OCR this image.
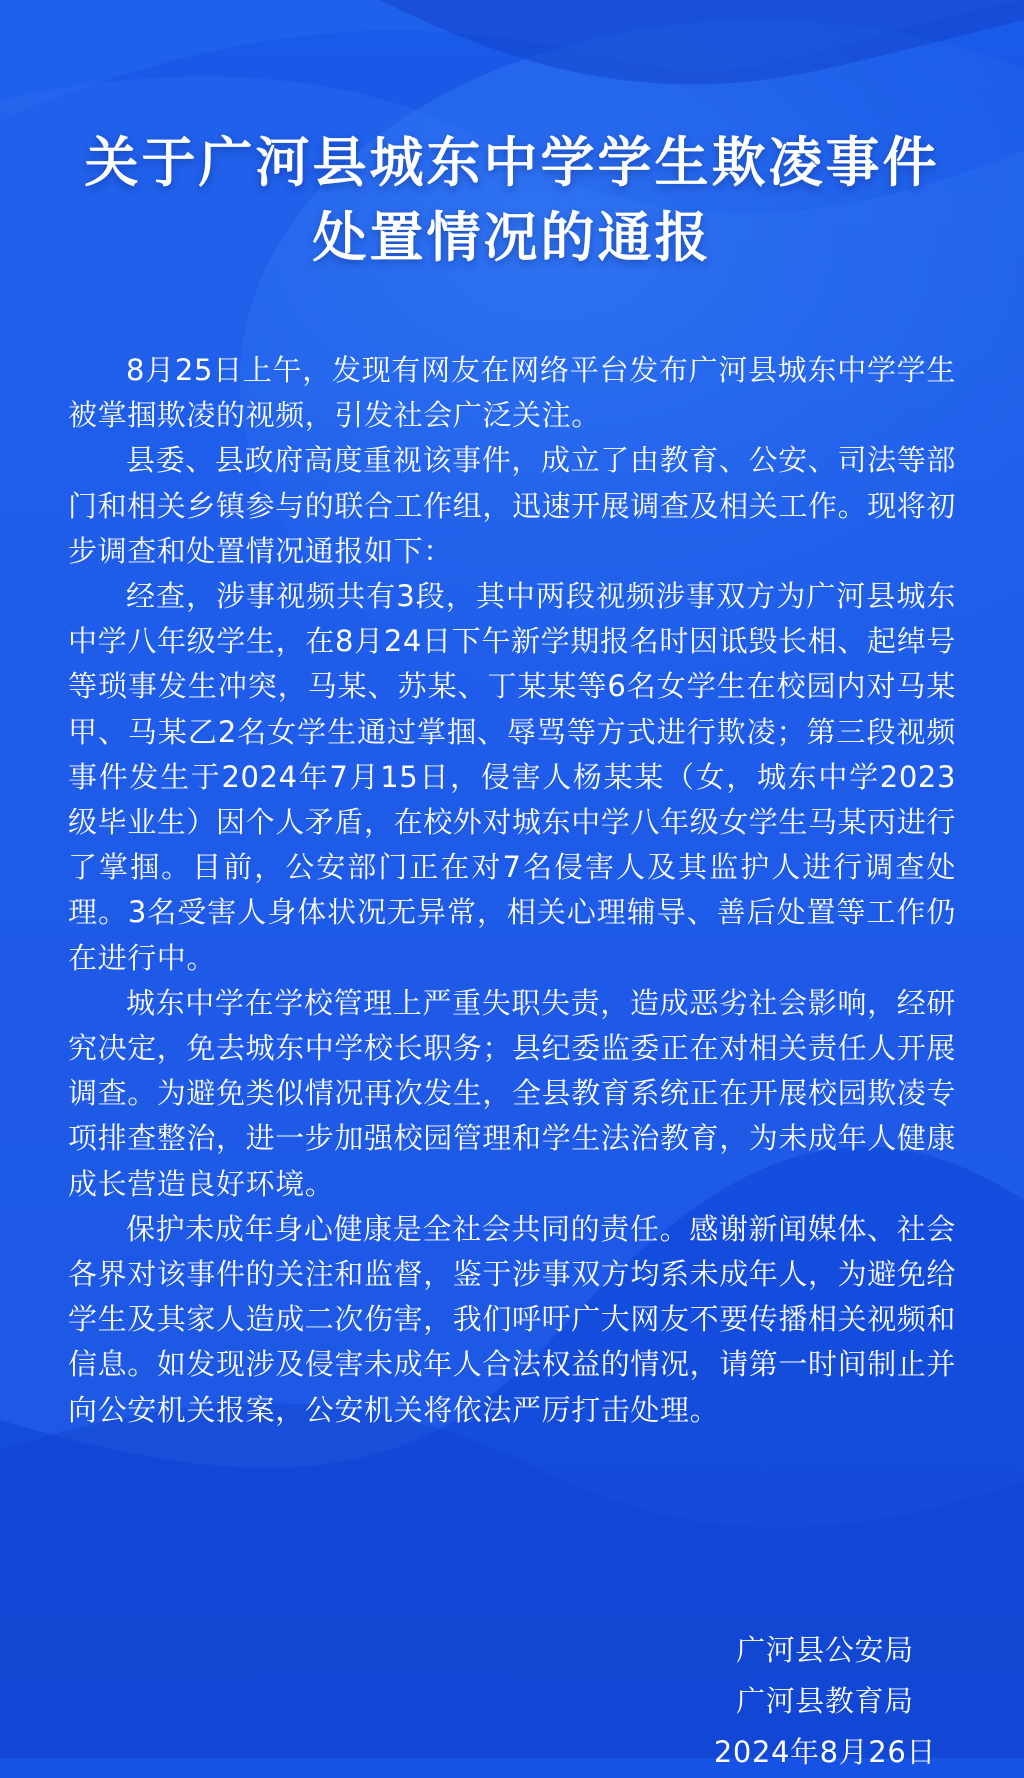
关于广河县城东中学学生欺凌事件
处置情况的通报

8月25日上午，发现有网友在网络平台发布广河县城东中学学生被掌掴欺凌的视频，引发社会广泛关注。

县委、县政府高度重视该事件，成立了由教育、公安、司法等部门和相关乡镇参与的联合工作组，迅速开展调查及相关工作。现将初步调查和处置情况通报如下：

经查，涉事视频共有3段，其中两段视频涉事双方为广河县城东中学八年级学生，在8月24日下午新学期报名时因诋毁长相、起绰号等琐事发生冲突，马某、苏某、丁某某等6名女学生在校园内对马某甲、马某乙2名女学生通过掌掴、辱骂等方式进行欺凌；第三段视频事件发生于2024年7月15日，侵害人杨某某（女，城东中学2023级毕业生）因个人矛盾，在校外对城东中学八年级女学生马某丙进行了掌掴。目前，公安部门正在对7名侵害人及其监护人进行调查处理。3名受害人身体状况无异常，相关心理辅导、善后处置等工作仍在进行中。

城东中学在学校管理上严重失职失责，造成恶劣社会影响，经研究决定，免去城东中学校长职务；县纪委监委正在对相关责任人开展调查。为避免类似情况再次发生，全县教育系统正在开展校园欺凌专项排查整治，进一步加强校园管理和学生法治教育，为未成年人健康成长营造良好环境。

保护未成年身心健康是全社会共同的责任。感谢新闻媒体、社会各界对该事件的关注和监督，鉴于涉事双方均系未成年人，为避免给学生及其家人造成二次伤害，我们呼吁广大网友不要传播相关视频和信息。如发现涉及侵害未成年人合法权益的情况，请第一时间制止并向公安机关报案，公安机关将依法严厉打击处理。

广河县公安局
广河县教育局
2024年8月26日
